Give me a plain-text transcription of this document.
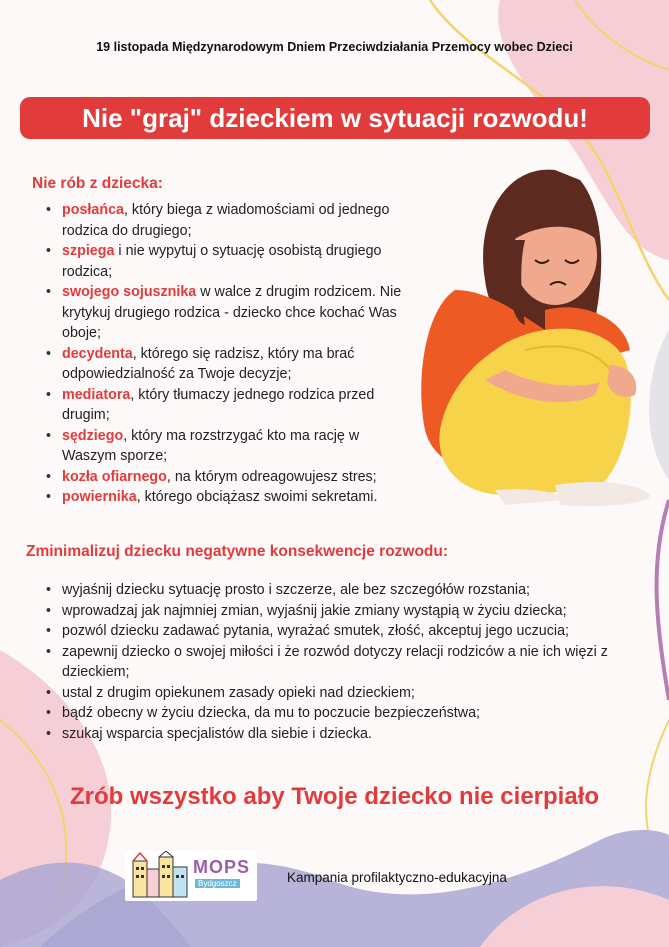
19 listopada Międzynarodowym Dniem Przeciwdziałania Przemocy wobec Dzieci
Nie "graj" dzieckiem w sytuacji rozwodu!
Nie rób z dziecka:
• posłańca, który biega z wiadomościami od jednego rodzica do drugiego;
• szpiega i nie wypytuj o sytuację osobistą drugiego rodzica;
• swojego sojusznika w walce z drugim rodzicem. Nie krytykuj drugiego rodzica - dziecko chce kochać Was oboje;
• decydenta, którego się radzisz, który ma brać odpowiedzialność za Twoje decyzje;
• mediatora, który tłumaczy jednego rodzica przed drugim;
• sędziego, który ma rozstrzygać kto ma rację w Waszym sporze;
• kozła ofiarnego, na którym odreagowujesz stres;
• powiernika, którego obciążasz swoimi sekretami.
Zminimalizuj dziecku negatywne konsekwencje rozwodu:
• wyjaśnij dziecku sytuację prosto i szczerze, ale bez szczegółów rozstania;
• wprowadzaj jak najmniej zmian, wyjaśnij jakie zmiany wystąpią w życiu dziecka;
• pozwól dziecku zadawać pytania, wyrażać smutek, złość, akceptuj jego uczucia;
• zapewnij dziecko o swojej miłości i że rozwód dotyczy relacji rodziców a nie ich więzi z dzieckiem;
• ustal z drugim opiekunem zasady opieki nad dzieckiem;
• bądź obecny w życiu dziecka, da mu to poczucie bezpieczeństwa;
• szukaj wsparcia specjalistów dla siebie i dziecka.
Zrób wszystko aby Twoje dziecko nie cierpiało
MOPS
Bydgoszcz	Kampania profilaktyczno-edukacyjna
